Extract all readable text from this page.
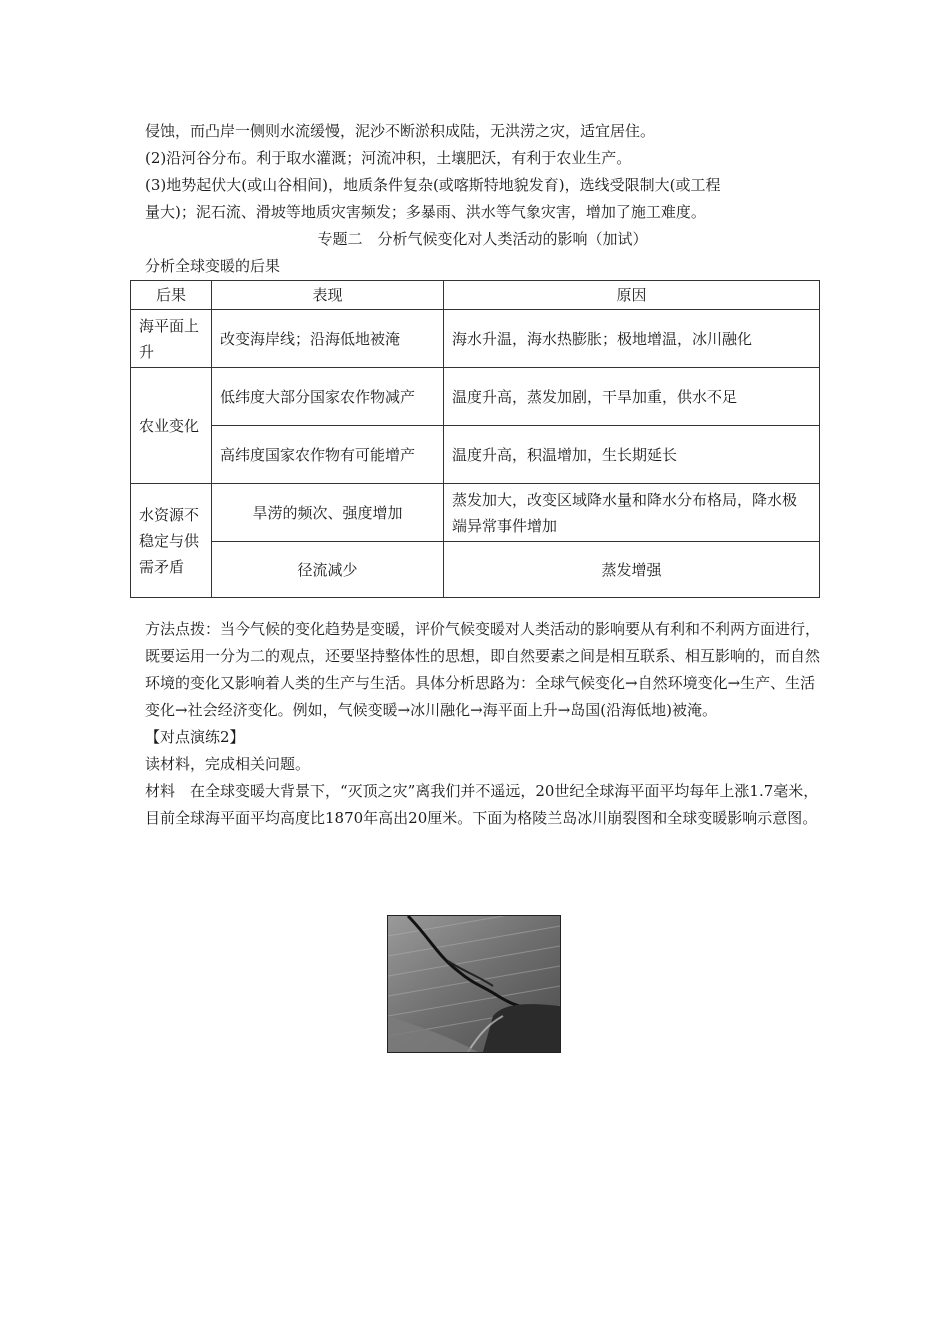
侵蚀，而凸岸一侧则水流缓慢，泥沙不断淤积成陆，无洪涝之灾，适宜居住。

(2)沿河谷分布。利于取水灌溉；河流冲积，土壤肥沃，有利于农业生产。

(3)地势起伏大(或山谷相间)，地质条件复杂(或喀斯特地貌发育)，选线受限制大(或工程

量大)；泥石流、滑坡等地质灾害频发；多暴雨、洪水等气象灾害，增加了施工难度。

专题二　分析气候变化对人类活动的影响（加试）

分析全球变暖的后果

后果	表现	原因
海平面上升	改变海岸线；沿海低地被淹	海水升温，海水热膨胀；极地增温，冰川融化
农业变化	低纬度大部分国家农作物减产	温度升高，蒸发加剧，干旱加重，供水不足
	高纬度国家农作物有可能增产	温度升高，积温增加，生长期延长
水资源不稳定与供需矛盾	旱涝的频次、强度增加	蒸发加大，改变区域降水量和降水分布格局，降水极端异常事件增加
	径流减少	蒸发增强

方法点拨：当今气候的变化趋势是变暖，评价气候变暖对人类活动的影响要从有利和不利两方面进行，既要运用一分为二的观点，还要坚持整体性的思想，即自然要素之间是相互联系、相互影响的，而自然环境的变化又影响着人类的生产与生活。具体分析思路为：全球气候变化→自然环境变化→生产、生活变化→社会经济变化。例如，气候变暖→冰川融化→海平面上升→岛国(沿海低地)被淹。

【对点演练2】

读材料，完成相关问题。

材料　在全球变暖大背景下，“灭顶之灾”离我们并不遥远，20世纪全球海平面平均每年上涨1.7毫米，目前全球海平面平均高度比1870年高出20厘米。下面为格陵兰岛冰川崩裂图和全球变暖影响示意图。
